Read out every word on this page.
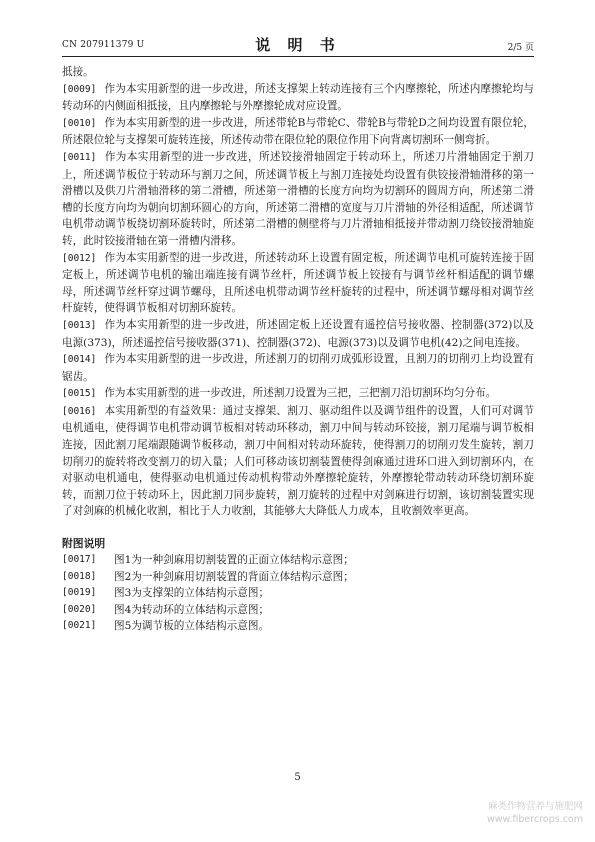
CN 207911379 U	说 明 书	2/5 页

抵接。

[0009] 作为本实用新型的进一步改进，所述支撑架上转动连接有三个内摩擦轮，所述内摩擦轮均与转动环的内侧面相抵接，且内摩擦轮与外摩擦轮成对应设置。

[0010] 作为本实用新型的进一步改进，所述带轮B与带轮C、带轮B与带轮D之间均设置有限位轮，所述限位轮与支撑架可旋转连接，所述传动带在限位轮的限位作用下向背离切割环一侧弯折。

[0011] 作为本实用新型的进一步改进，所述铰接滑轴固定于转动环上，所述刀片滑轴固定于割刀上，所述调节板位于转动环与割刀之间，所述调节板上与割刀连接处均设置有供铰接滑轴滑移的第一滑槽以及供刀片滑轴滑移的第二滑槽，所述第一滑槽的长度方向均为切割环的圆周方向，所述第二滑槽的长度方向均为朝向切割环圆心的方向，所述第二滑槽的宽度与刀片滑轴的外径相适配，所述调节电机带动调节板绕切割环旋转时，所述第二滑槽的侧壁将与刀片滑轴相抵接并带动割刀绕铰接滑轴旋转，此时铰接滑轴在第一滑槽内滑移。

[0012] 作为本实用新型的进一步改进，所述转动环上设置有固定板，所述调节电机可旋转连接于固定板上，所述调节电机的输出端连接有调节丝杆，所述调节板上铰接有与调节丝杆相适配的调节螺母，所述调节丝杆穿过调节螺母，且所述电机带动调节丝杆旋转的过程中，所述调节螺母相对调节丝杆旋转，使得调节板相对切割环旋转。

[0013] 作为本实用新型的进一步改进，所述固定板上还设置有遥控信号接收器、控制器(372)以及电源(373)，所述遥控信号接收器(371)、控制器(372)、电源(373)以及调节电机(42)之间电连接。

[0014] 作为本实用新型的进一步改进，所述割刀的切削刃成弧形设置，且割刀的切削刃上均设置有锯齿。

[0015] 作为本实用新型的进一步改进，所述割刀设置为三把，三把割刀沿切割环均匀分布。

[0016] 本实用新型的有益效果：通过支撑架、割刀、驱动组件以及调节组件的设置，人们可对调节电机通电，使得调节电机带动调节板相对转动环移动，割刀中间与转动环铰接，割刀尾端与调节板相连接，因此割刀尾端跟随调节板移动，割刀中间相对转动环旋转，使得割刀的切削刃发生旋转，割刀切削刃的旋转将改变割刀的切入量；人们可移动该切割装置使得剑麻通过进环口进入到切割环内，在对驱动电机通电，使得驱动电机通过传动机构带动外摩擦轮旋转，外摩擦轮带动转动环绕切割环旋转，而割刀位于转动环上，因此割刀同步旋转，割刀旋转的过程中对剑麻进行切割，该切割装置实现了对剑麻的机械化收割，相比于人力收割，其能够大大降低人力成本，且收割效率更高。

附图说明
[0017]	图1为一种剑麻用切割装置的正面立体结构示意图；
[0018]	图2为一种剑麻用切割装置的背面立体结构示意图；
[0019]	图3为支撑架的立体结构示意图；
[0020]	图4为转动环的立体结构示意图；
[0021]	图5为调节板的立体结构示意图。
5
麻类作物营养与施肥网
www.fibercrops.com
